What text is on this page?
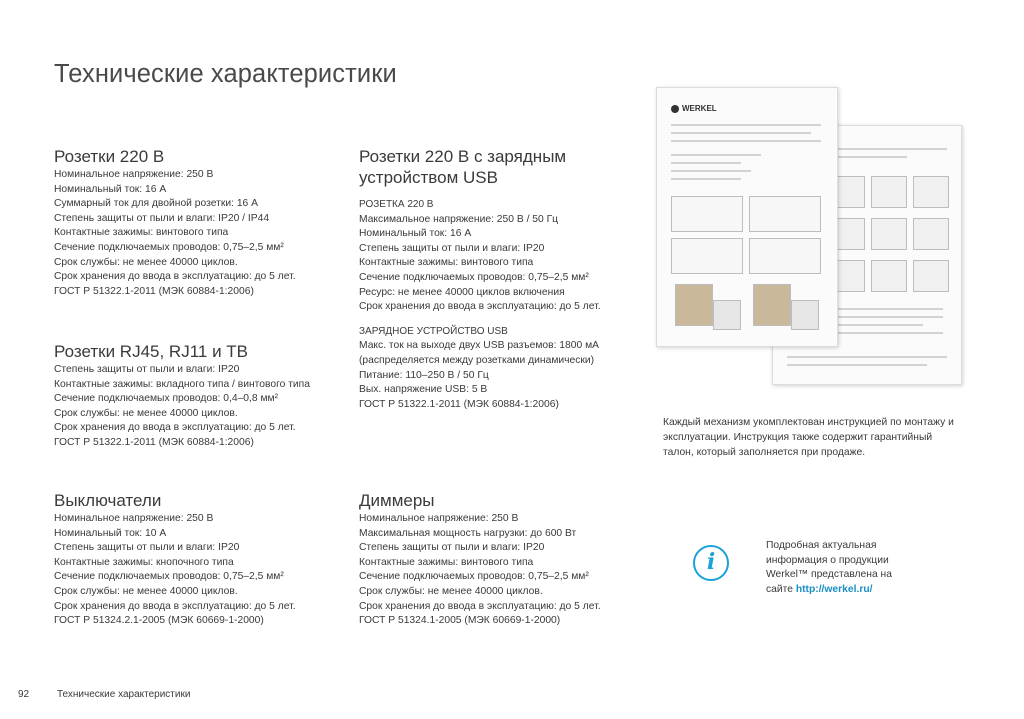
Технические характеристики
Розетки 220 В
Номинальное напряжение: 250 В
Номинальный ток: 16 А
Суммарный ток для двойной розетки: 16 А
Степень защиты от пыли и влаги: IP20 / IP44
Контактные зажимы: винтового типа
Сечение подключаемых проводов: 0,75–2,5 мм²
Срок службы: не менее 40000 циклов.
Срок хранения до ввода в эксплуатацию: до 5 лет.
ГОСТ Р 51322.1-2011 (МЭК 60884-1:2006)
Розетки RJ45, RJ11 и ТВ
Степень защиты от пыли и влаги: IP20
Контактные зажимы: вкладного типа / винтового типа
Сечение подключаемых проводов: 0,4–0,8 мм²
Срок службы: не менее 40000 циклов.
Срок хранения до ввода в эксплуатацию: до 5 лет.
ГОСТ Р 51322.1-2011 (МЭК 60884-1:2006)
Выключатели
Номинальное напряжение: 250 В
Номинальный ток: 10 А
Степень защиты от пыли и влаги: IP20
Контактные зажимы: кнопочного типа
Сечение подключаемых проводов: 0,75–2,5 мм²
Срок службы: не менее 40000 циклов.
Срок хранения до ввода в эксплуатацию: до 5 лет.
ГОСТ Р 51324.2.1-2005 (МЭК 60669-1-2000)
Розетки 220 В с зарядным
устройством USB
РОЗЕТКА 220 В
Максимальное напряжение: 250 В / 50 Гц
Номинальный ток: 16 А
Степень защиты от пыли и влаги: IP20
Контактные зажимы: винтового типа
Сечение подключаемых проводов: 0,75–2,5 мм²
Ресурс: не менее 40000 циклов включения
Срок хранения до ввода в эксплуатацию: до 5 лет.
ЗАРЯДНОЕ УСТРОЙСТВО USB
Макс. ток на выходе двух USB разъемов: 1800 мА
(распределяется между розетками динамически)
Питание: 110–250 В / 50 Гц
Вых. напряжение USB: 5 В
ГОСТ Р 51322.1-2011 (МЭК 60884-1:2006)
Диммеры
Номинальное напряжение: 250 В
Максимальная мощность нагрузки: до 600 Вт
Степень защиты от пыли и влаги: IP20
Контактные зажимы: винтового типа
Сечение подключаемых проводов: 0,75–2,5 мм²
Срок службы: не менее 40000 циклов.
Срок хранения до ввода в эксплуатацию: до 5 лет.
ГОСТ Р 51324.1-2005 (МЭК 60669-1-2000)
WERKEL

Каждый механизм укомплектован инструкцией по монтажу и эксплуатации. Инструкция также содержит гарантийный талон, который заполняется при продаже.

i
Подробная актуальная
информация о продукции
Werkel™ представлена на
сайте http://werkel.ru/
92	Технические характеристики
